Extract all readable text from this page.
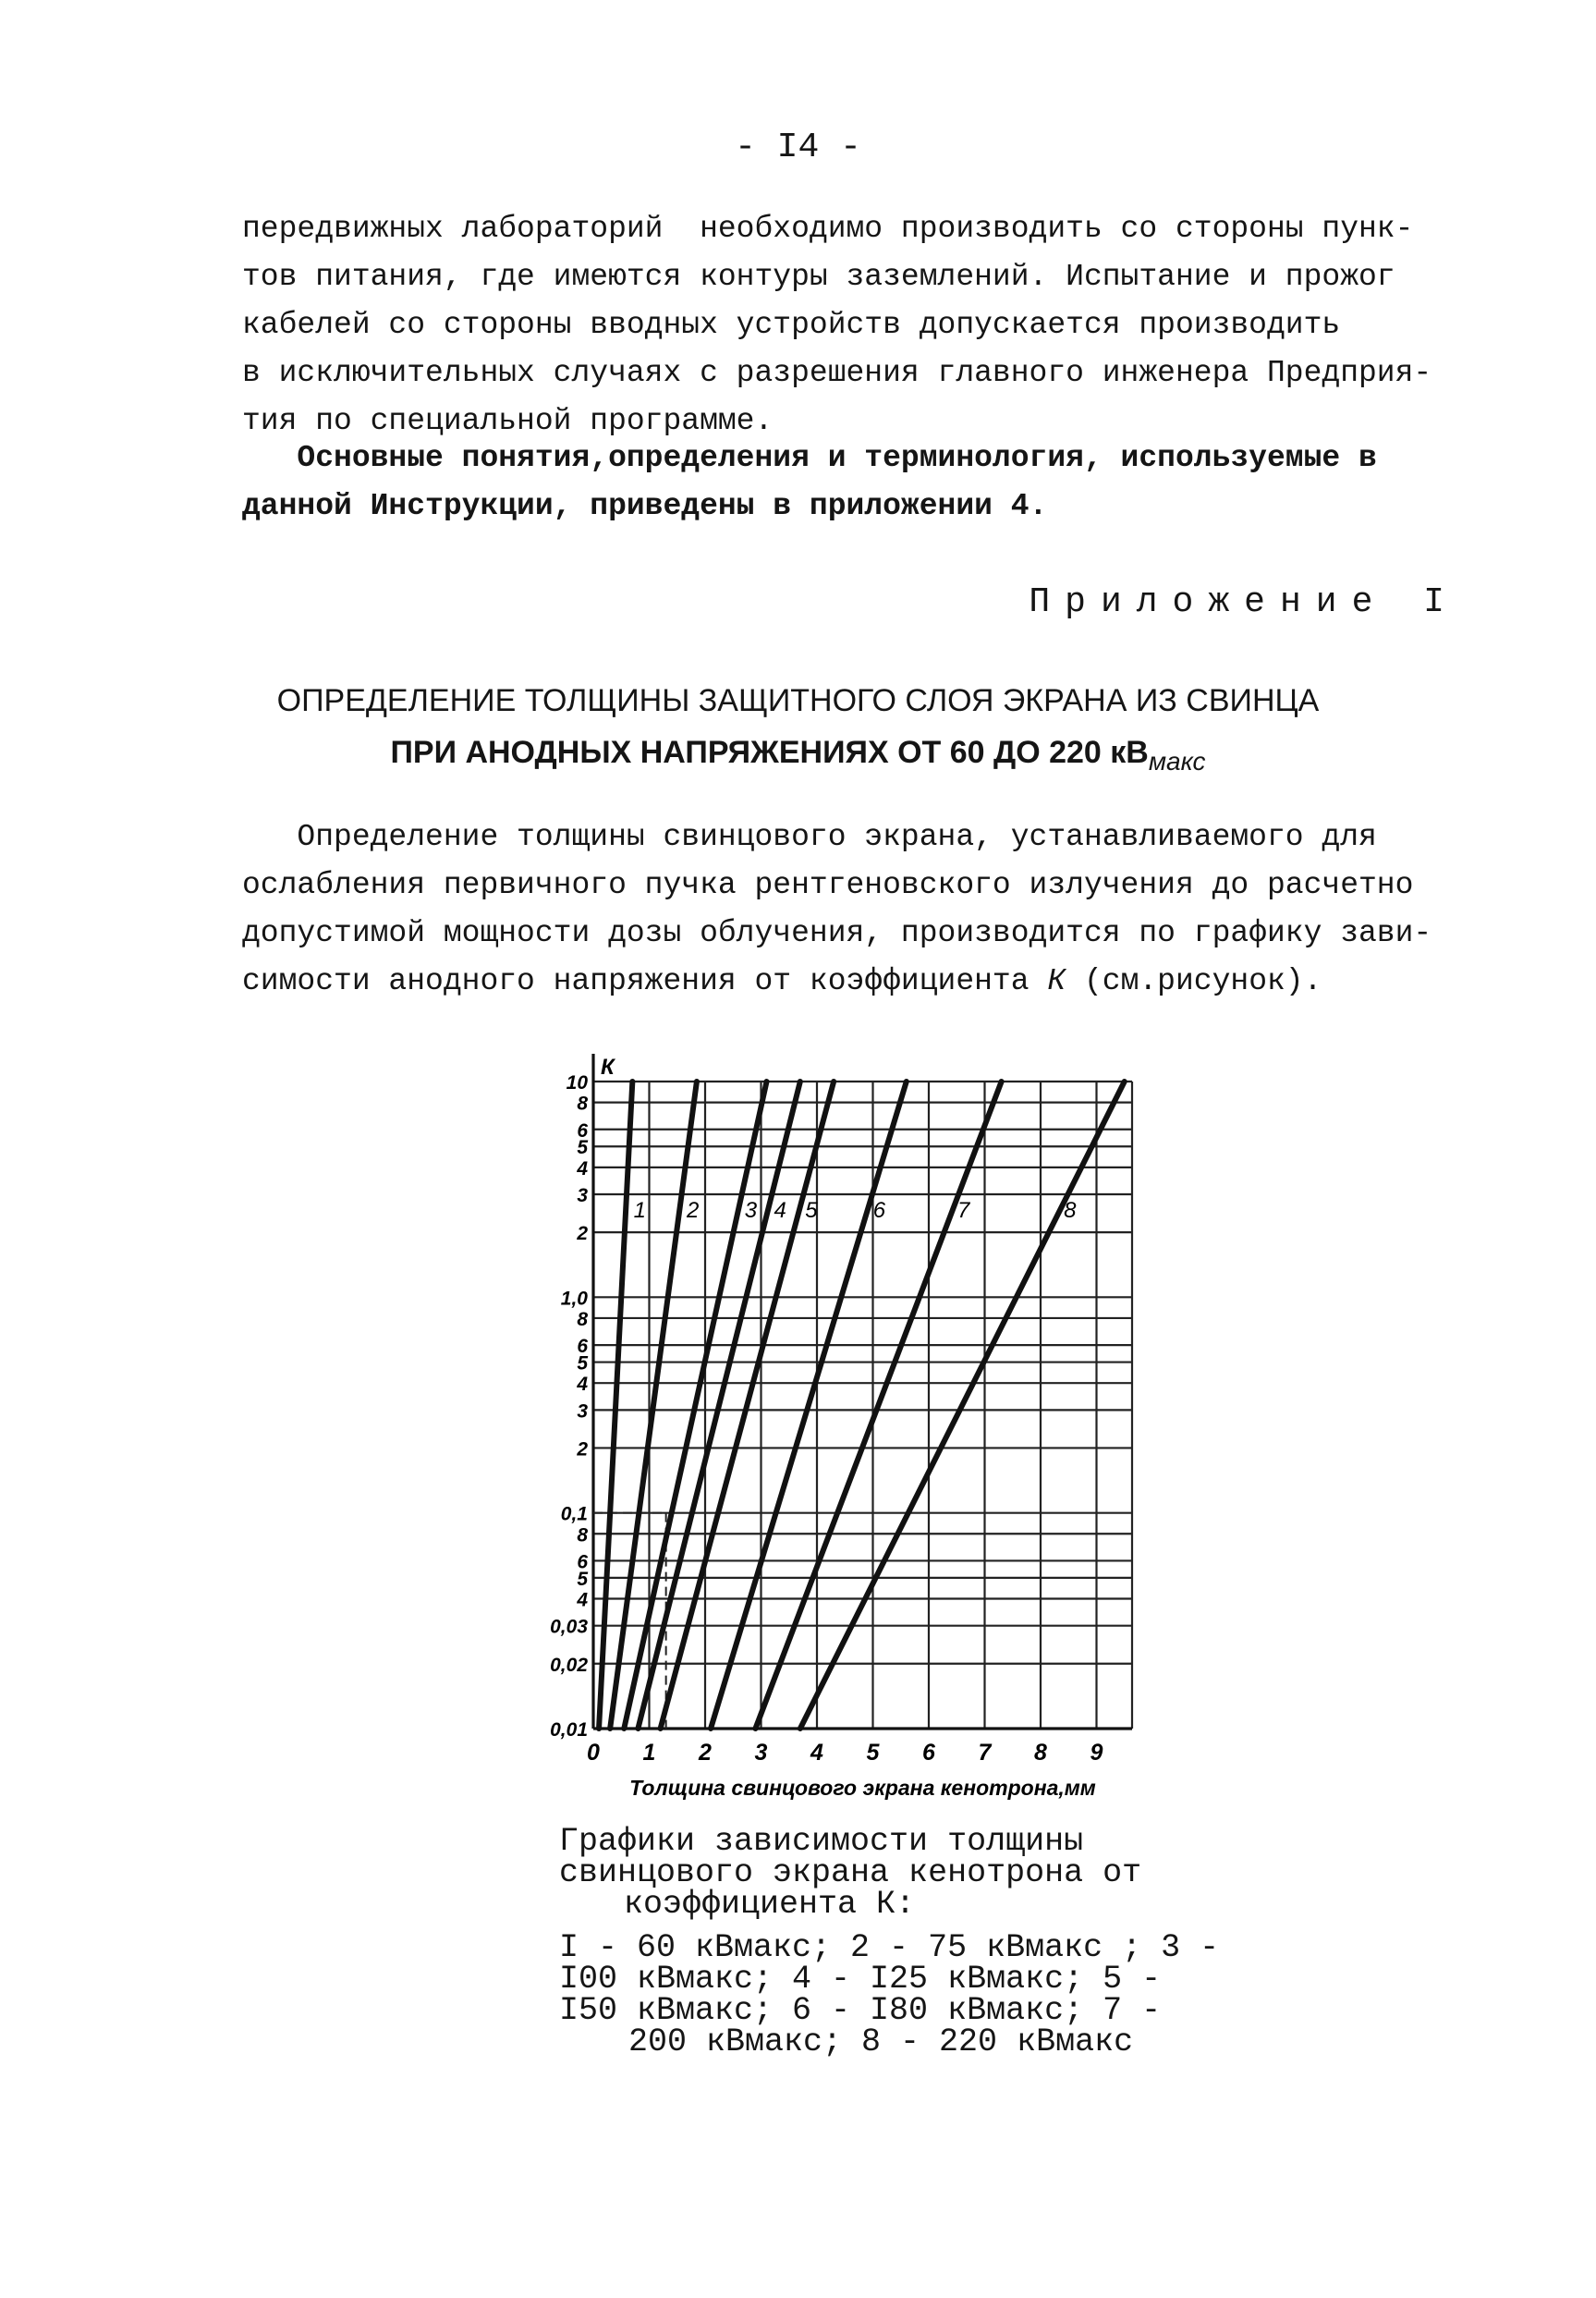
- I4 -

передвижных лабораторий  необходимо производить со стороны пунк-

тов питания, где имеются контуры заземлений. Испытание и прожог

кабелей со стороны вводных устройств допускается производить

в исключительных случаях с разрешения главного инженера Предприя-

тия по специальной программе.

Основные понятия,определения и терминология, используемые в

данной Инструкции, приведены в приложении 4.

Приложение I
ОПРЕДЕЛЕНИЕ ТОЛЩИНЫ ЗАЩИТНОГО СЛОЯ ЭКРАНА ИЗ СВИНЦА
ПРИ АНОДНЫХ НАПРЯЖЕНИЯХ ОТ 60 ДО 220 $кВ_{макс}$

Определение толщины свинцового экрана, устанавливаемого для

ослабления первичного пучка рентгеновского излучения до расчетно

допустимой мощности дозы облучения, производится по графику зави-

симости анодного напряжения от коэффициента К (см.рисунок).

1 2 3 4 5	6	7	8
0,01
0,02
0,03
4
5
6
8
0,1
2
3
4
5
6
8
1,0
2
3
4
5
6
8
10
0 1 2 3 4 5 6 7 8 9
К
Толщина свинцового экрана кенотрона,мм

Графики зависимости толщины

свинцового экрана кенотрона от

коэффициента К:

I - 60 кВмакс; 2 - 75 кВмакс ; 3 -

I00 кВмакс; 4 - I25 кВмакс; 5 -

I50 кВмакс; 6 - I80 кВмакс; 7 -

200 кВмакс; 8 - 220 кВмакс
